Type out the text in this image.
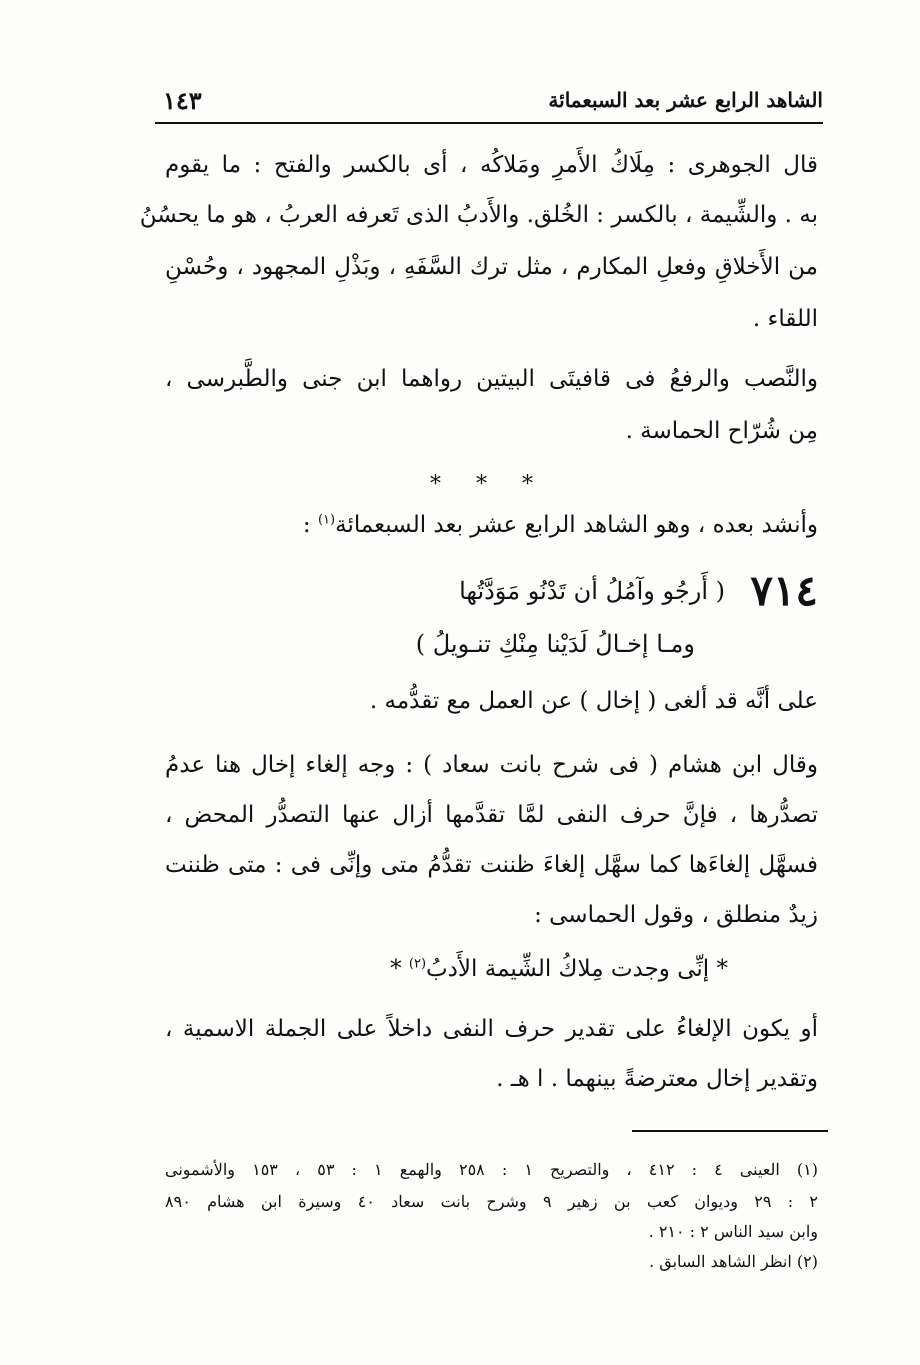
الشاهد الرابع عشر بعد السبعمائة
١٤٣
قال الجوهرى : مِلَاكُ الأَمرِ ومَلاكُه ، أى بالكسر والفتح : ما يقوم
به . والشِّيمة ، بالكسر : الخُلق. والأَدبُ الذى تَعرفه العربُ ، هو ما يحسُنُ
من الأَخلاقِ وفعلِ المكارم ، مثل ترك السَّفَهِ ، وبَذْلِ المجهود ، وحُسْنِ
اللقاء .
والنَّصب والرفعُ فى قافيتَى البيتين رواهما ابن جنى والطَّبرسى ،
مِن شُرّاح الحماسة .
* * *
وأنشد بعده ، وهو الشاهد الرابع عشر بعد السبعمائة$^{(١)}$ :
٧١٤
( أَرجُو وآمُلُ أن تَدْنُو مَوَدَّتُها
ومـا إخـالُ لَدَيْنا مِنْكِ تنـويلُ )
على أنَّه قد ألغى ( إخال ) عن العمل مع تقدُّمه .
وقال ابن هشام ( فى شرح بانت سعاد ) : وجه إلغاء إخال هنا عدمُ
تصدُّرها ، فإنَّ حرف النفى لمَّا تقدَّمها أزال عنها التصدُّر المحض ،
فسهَّل إلغاءَها كما سهَّل إلغاءَ ظننت تقدُّمُ متى وإنِّى فى : متى ظننت
زيدٌ منطلق ، وقول الحماسى :
* إنِّى وجدت مِلاكُ الشِّيمة الأَدبُ$^{(٢)}$ *
أو يكون الإلغاءُ على تقدير حرف النفى داخلاً على الجملة الاسمية ،
وتقدير إخال معترضةً بينهما . ا هـ .
(١) العينى ٤ : ٤١٢ ، والتصريح ١ : ٢٥٨ والهمع ١ : ٥٣ ، ١٥٣ والأشمونى
٢ : ٢٩ وديوان كعب بن زهير ٩ وشرح بانت سعاد ٤٠ وسيرة ابن هشام ٨٩٠
وابن سيد الناس ٢ : ٢١٠ .
(٢) انظر الشاهد السابق .
